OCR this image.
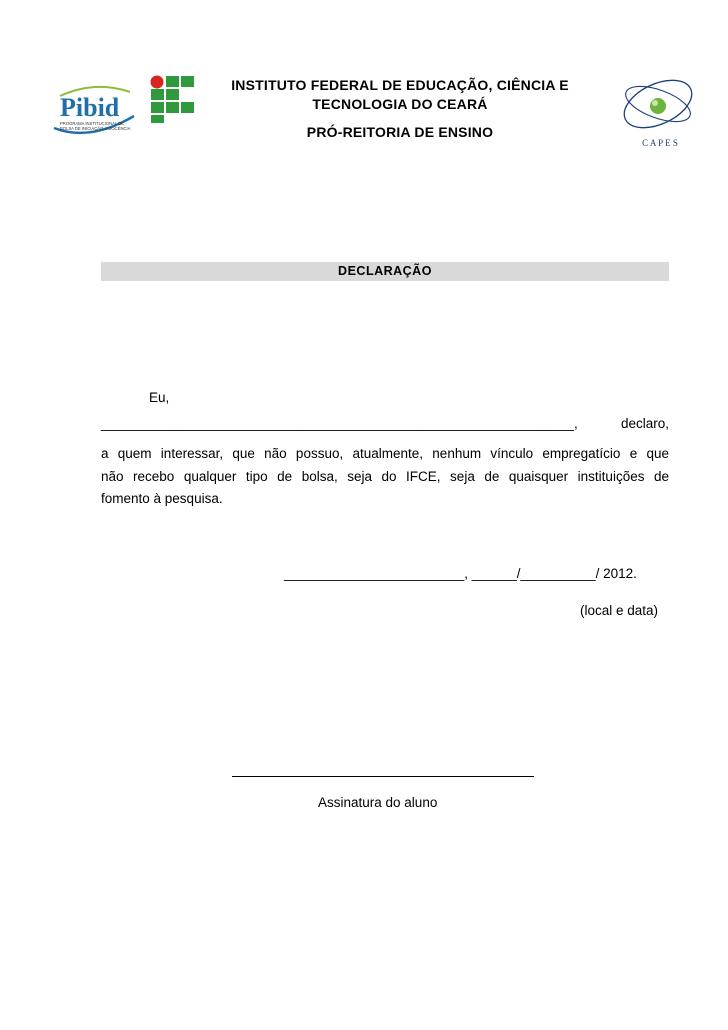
Pibid
PROGRAMA INSTITUCIONAL DE
BOLSA DE INICIAÇÃO À DOCÊNCIA
INSTITUTO FEDERAL DE EDUCAÇÃO, CIÊNCIA E
TECNOLOGIA DO CEARÁ
PRÓ-REITORIA DE ENSINO
C A P E S
DECLARAÇÃO
Eu,
_______________________________________________________________,	declaro,
a quem interessar, que não possuo, atualmente, nenhum vínculo empregatício e que
não recebo qualquer tipo de bolsa, seja do IFCE, seja de quaisquer instituições de
fomento à pesquisa.
________________________, ______/__________/ 2012.
(local e data)
Assinatura do aluno
